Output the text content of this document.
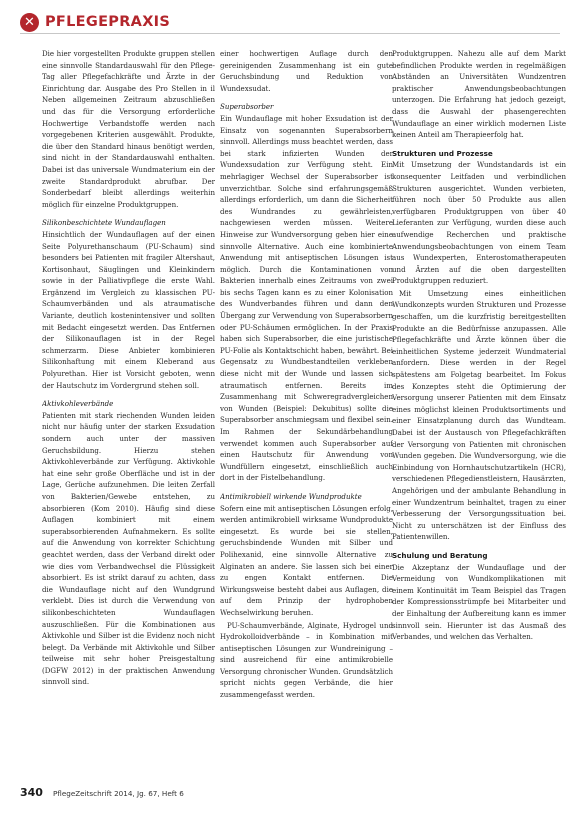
✕ PFLEGEPRAXIS

Die hier vorgestellten Produkte gruppen stellen eine sinnvolle Standardauswahl für den Pflege-Tag aller Pflegefachkräfte und Ärzte in der Einrichtung dar. Ausgabe des Pro Stellen in il Neben allgemeinen Zeitraum abzuschließen und das für die Versorgung erforderliche Hochwertige Verbandstoffe werden nach vorgegebenen Kriterien ausgewählt. Produkte, die über den Standard hinaus benötigt werden, sind nicht in der Standardauswahl enthalten. Dabei ist das universale Wundmaterium ein der zweite Standardprodukt abrufbar. Der Sonderbedarf bleibt allerdings weiterhin möglich für einzelne Produktgruppen.

Silikonbeschichtete Wundauflagen

Hinsichtlich der Wundauflagen auf der einen Seite Polyurethanschaum (PU-Schaum) sind besonders bei Patienten mit fragiler Altershaut, Kortisonhaut, Säuglingen und Kleinkindern sowie in der Palliativpflege die erste Wahl. Ergänzend im Vergleich zu klassischen PU-Schaumverbänden und als atraumatische Variante, deutlich kostenintensiver und sollten mit Bedacht eingesetzt werden. Das Entfernen der Silikonauflagen ist in der Regel schmerzarm. Diese Anbieter kombinieren Silikonhaftung mit einem Kleberand aus Polyurethan. Hier ist Vorsicht geboten, wenn der Hautschutz im Vordergrund stehen soll.

Aktivkohleverbände

Patienten mit stark riechenden Wunden leiden nicht nur häufig unter der starken Exsudation sondern auch unter der massiven Geruchsbildung. Hierzu stehen Aktivkohleverbände zur Verfügung. Aktivkohle hat eine sehr große Oberfläche und ist in der Lage, Gerüche aufzunehmen. Die leiten Zerfall von Bakterien/Gewebe entstehen, zu absorbieren (Kom 2010). Häufig sind diese Auflagen kombiniert mit einem superabsorbierenden Aufnahmekern. Es sollte auf die Anwendung von korrekter Schichtung geachtet werden, dass der Verband direkt oder wie dies vom Verbandwechsel die Flüssigkeit absorbiert. Es ist strikt darauf zu achten, dass die Wundauflage nicht auf den Wundgrund verklebt. Dies ist durch die Verwendung von silikonbeschichteten Wundauflagen auszuschließen. Für die Kombinationen aus Aktivkohle und Silber ist die Evidenz noch nicht belegt. Da Verbände mit Aktivkohle und Silber teilweise mit sehr hoher Preisgestaltung (DGFW 2012) in der praktischen Anwendung sinnvoll sind.

einer hochwertigen Auflage durch den gereinigenden Zusammenhang ist ein gute Geruchsbindung und Reduktion von Wundexsudat.

Superabsorber

Ein Wundauflage mit hoher Exsudation ist der Einsatz von sogenannten Superabsorbern sinnvoll. Allerdings muss beachtet werden, dass bei stark infizierten Wunden der Wundexsudation zur Verfügung steht. Ein mehrlagiger Wechsel der Superabsorber ist unverzichtbar. Solche sind erfahrungsgemäß allerdings erforderlich, um dann die Sicherheit des Wundrandes zu gewährleisten, nachgewiesen werden müssen. Weitere Hinweise zur Wundversorgung geben hier eine sinnvolle Alternative. Auch eine kombinierte Anwendung mit antiseptischen Lösungen ist möglich. Durch die Kontaminationen von Bakterien innerhalb eines Zeitraums von zwei bis sechs Tagen kann es zu einer Kolonisation des Wundverbandes führen und dann den Übergang zur Verwendung von Superabsorbern oder PU-Schäumen ermöglichen. In der Praxis haben sich Superabsorber, die eine juristische PU-Folie als Kontaktschicht haben, bewährt. Bei Gegensatz zu Wundbestandteilen verkleben diese nicht mit der Wunde und lassen sich atraumatisch entfernen. Bereits im Zusammenhang mit Schweregradvergleichen von Wunden (Beispiel: Dekubitus) sollte die Superabsorber anschmiegsam und flexibel sein. Im Rahmen der Sekundärbehandlung verwendet kommen auch Superabsorber auf einen Hautschutz für Anwendung von Wundfüllern eingesetzt, einschließlich auch dort in der Fistelbehandlung.

Antimikrobiell wirkende Wundprodukte

Sofern eine mit antiseptischen Lösungen erfolg, werden antimikrobiell wirksame Wundprodukte eingesetzt. Es wurde bei sie stellen, geruchsbindende Wunden mit Silber und Polihexanid, eine sinnvolle Alternative zu Alginaten an andere. Sie lassen sich bei einer zu engen Kontakt entfernen. Die Wirkungsweise besteht dabei aus Auflagen, die auf dem Prinzip der hydrophoben Wechselwirkung beruhen.

PU-Schaumverbände, Alginate, Hydrogel und Hydrokolloidverbände – in Kombination mit antiseptischen Lösungen zur Wundreinigung – sind ausreichend für eine antimikrobielle Versorgung chronischer Wunden. Grundsätzlich spricht nichts gegen Verbände, die hier zusammengefasst werden.

Produktgruppen. Nahezu alle auf dem Markt befindlichen Produkte werden in regelmäßigen Abständen an Universitäten Wundzentren praktischer Anwendungsbeobachtungen unterzogen. Die Erfahrung hat jedoch gezeigt, dass die Auswahl der phasengerechten Wundauflage an einer wirklich modernen Liste keinen Anteil am Therapieerfolg hat.

Strukturen und Prozesse

Mit Umsetzung der Wundstandards ist ein konsequenter Leitfaden und verbindlichen Strukturen ausgerichtet. Wunden verbieten, führen noch über 50 Produkte aus allen verfügbaren Produktgruppen von über 40 Lieferanten zur Verfügung, wurden diese auch aufwendige Recherchen und praktische Anwendungsbeobachtungen von einem Team aus Wundexperten, Enterostomatherapeuten und Ärzten auf die oben dargestellten Produktgruppen reduziert.

Mit Umsetzung eines einheitlichen Wundkonzepts wurden Strukturen und Prozesse geschaffen, um die kurzfristig bereitgestellten Produkte an die Bedürfnisse anzupassen. Alle Pflegefachkräfte und Ärzte können über die einheitlichen Systeme jederzeit Wundmaterial anfordern. Diese werden in der Regel spätestens am Folgetag bearbeitet. Im Fokus des Konzeptes steht die Optimierung der Versorgung unserer Patienten mit dem Einsatz eines möglichst kleinen Produktsortiments und einer Einsatzplanung durch das Wundteam. Dabei ist der Austausch von Pflegefachkräften der Versorgung von Patienten mit chronischen Wunden gegeben. Die Wundversorgung, wie die Einbindung von Hornhautschutzartikeln (HCR), verschiedenen Pflegedienstleistern, Hausärzten, Angehörigen und der ambulante Behandlung in einer Wundzentrum beinhaltet, tragen zu einer Verbesserung der Versorgungssituation bei. Nicht zu unterschätzen ist der Einfluss des Patientenwillen.

Schulung und Beratung

Die Akzeptanz der Wundauflage und der Vermeidung von Wundkomplikationen mit einem Kontinuität im Team Beispiel das Tragen der Kompressionsstrümpfe bei Mitarbeiter und der Einhaltung der Aufbereitung kann es immer sinnvoll sein. Hierunter ist das Ausmaß des Verbandes, und welchen das Verhalten.

340 PflegeZeitschrift 2014, Jg. 67, Heft 6
